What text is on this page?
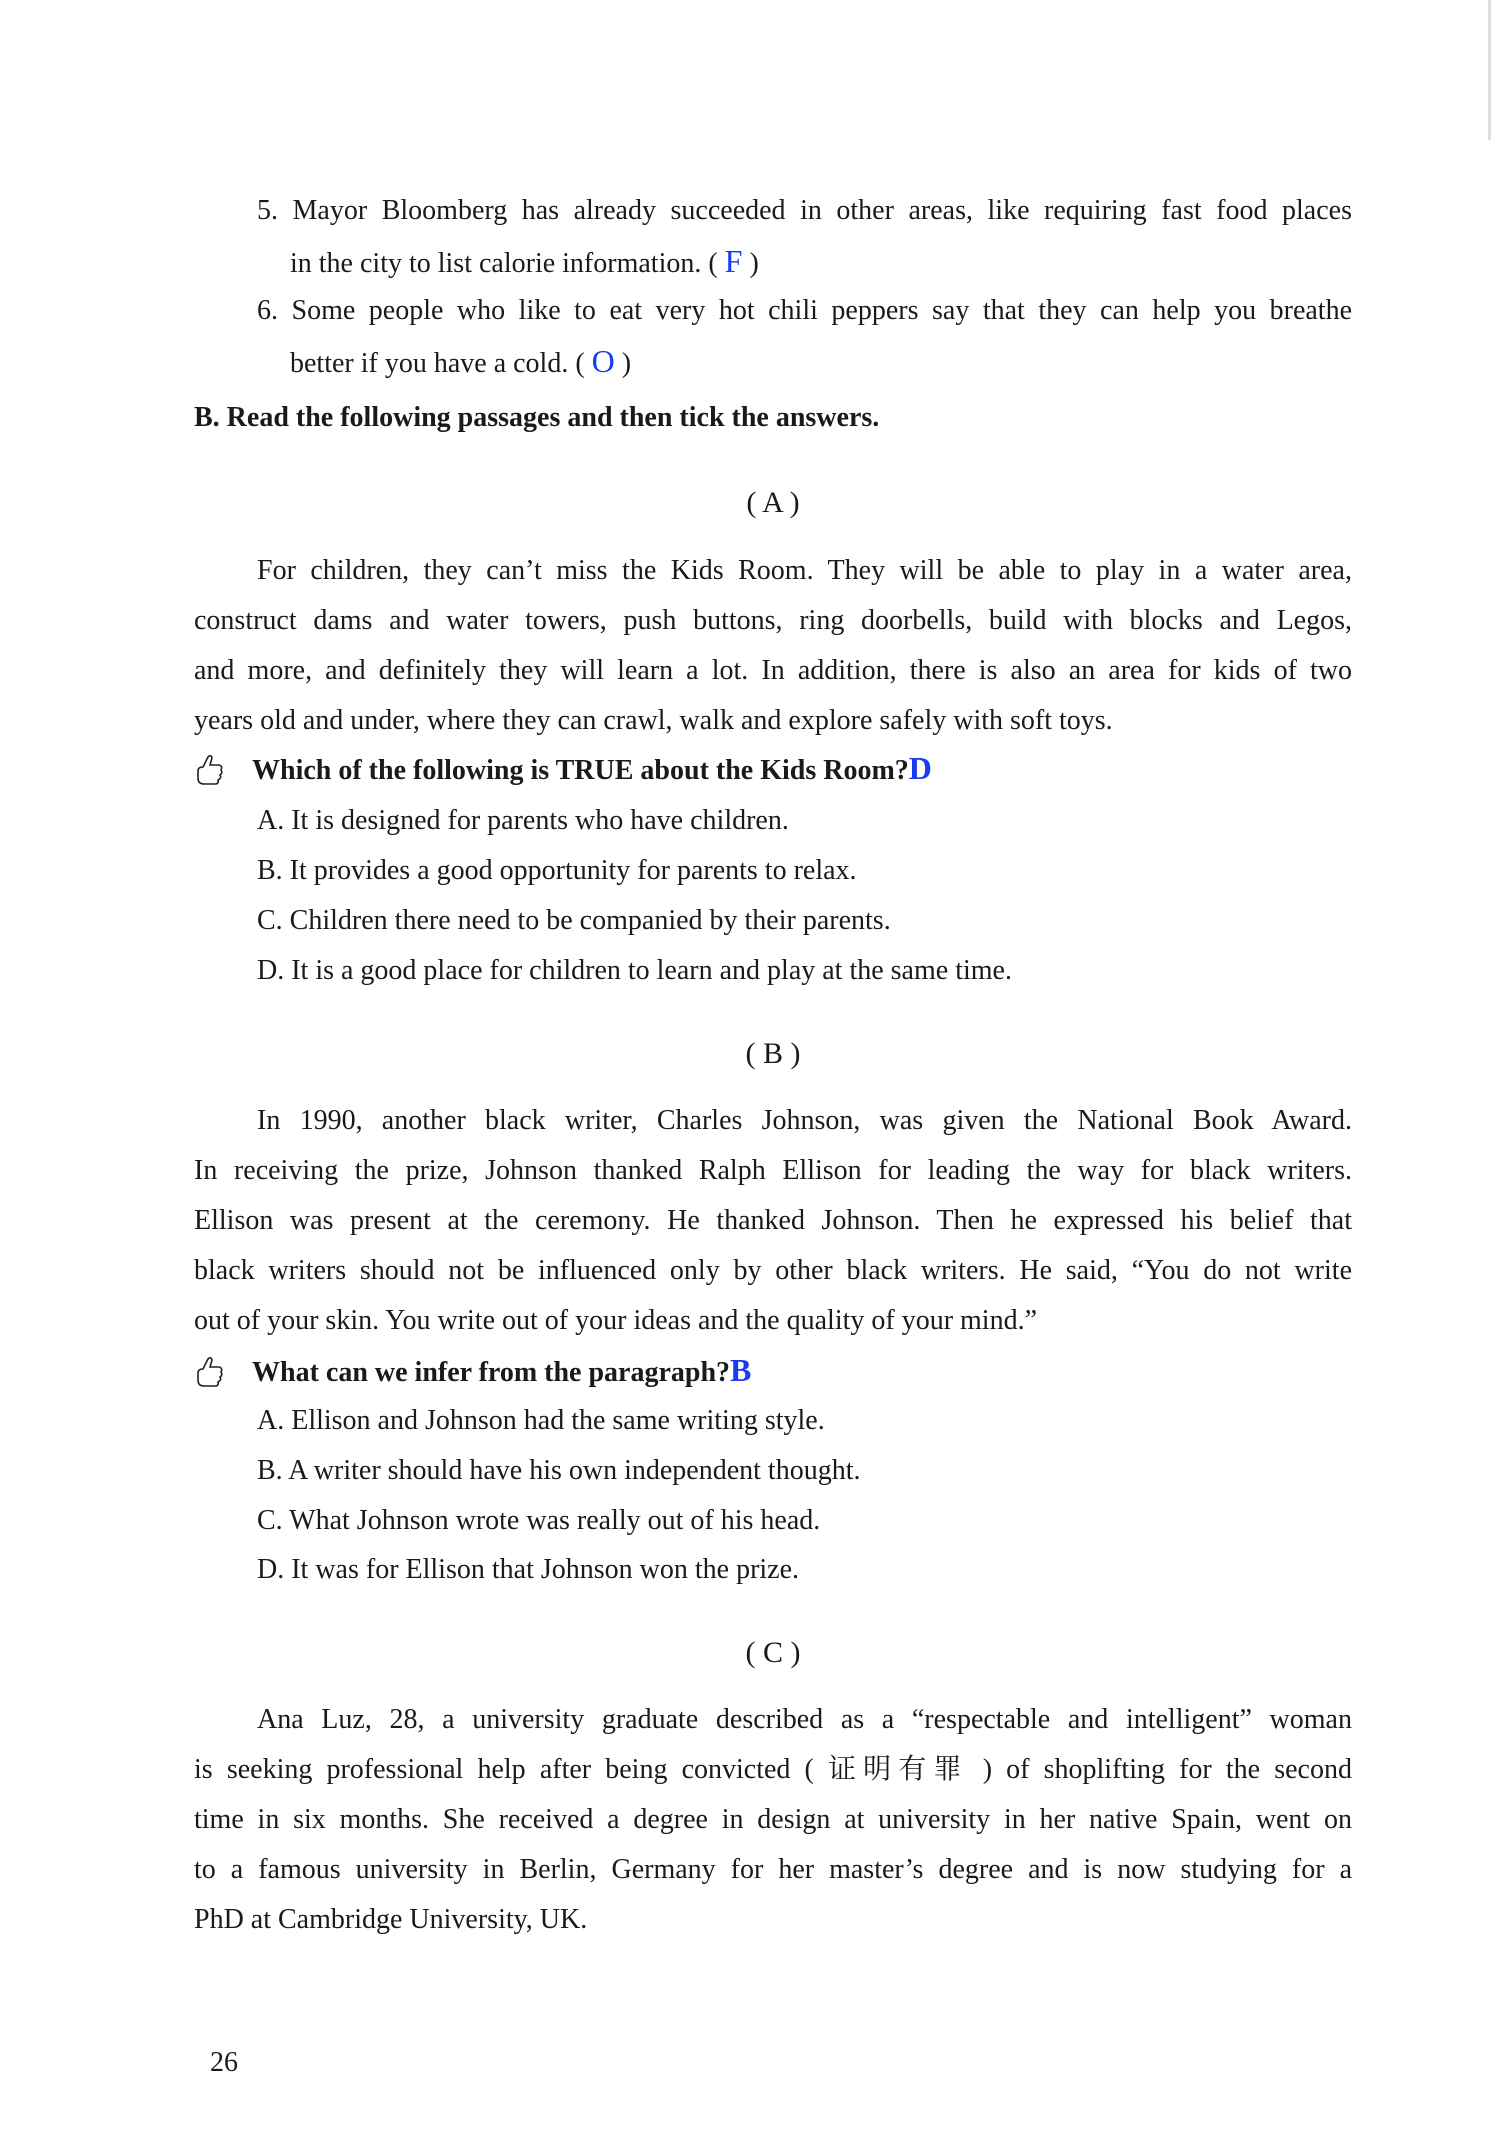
5. Mayor Bloomberg has already succeeded in other areas, like requiring fast food places
in the city to list calorie information. ( F )
6. Some people who like to eat very hot chili peppers say that they can help you breathe
better if you have a cold. ( O )
B. Read the following passages and then tick the answers.
( A )
For children, they can’t miss the Kids Room. They will be able to play in a water area,
construct dams and water towers, push buttons, ring doorbells, build with blocks and Legos,
and more, and definitely they will learn a lot. In addition, there is also an area for kids of two
years old and under, where they can crawl, walk and explore safely with soft toys.
Which of the following is TRUE about the Kids Room?D
A. It is designed for parents who have children.
B. It provides a good opportunity for parents to relax.
C. Children there need to be companied by their parents.
D. It is a good place for children to learn and play at the same time.
( B )
In 1990, another black writer, Charles Johnson, was given the National Book Award.
In receiving the prize, Johnson thanked Ralph Ellison for leading the way for black writers.
Ellison was present at the ceremony. He thanked Johnson. Then he expressed his belief that
black writers should not be influenced only by other black writers. He said, “You do not write
out of your skin. You write out of your ideas and the quality of your mind.”
What can we infer from the paragraph?B
A. Ellison and Johnson had the same writing style.
B. A writer should have his own independent thought.
C. What Johnson wrote was really out of his head.
D. It was for Ellison that Johnson won the prize.
( C )
Ana Luz, 28, a university graduate described as a “respectable and intelligent” woman
is seeking professional help after being convicted ( 证明有罪 ) of shoplifting for the second
time in six months. She received a degree in design at university in her native Spain, went on
to a famous university in Berlin, Germany for her master’s degree and is now studying for a
PhD at Cambridge University, UK.
26
